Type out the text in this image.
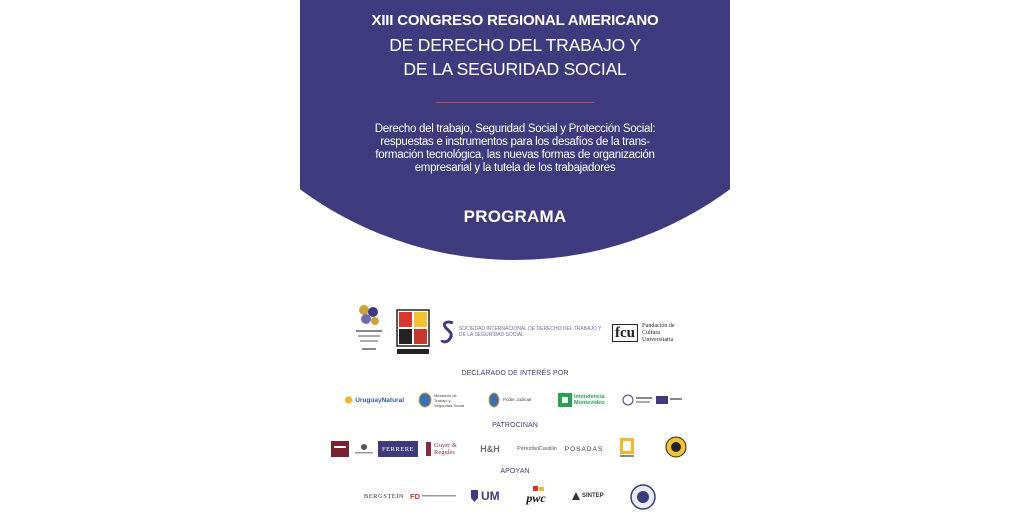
XIII CONGRESO REGIONAL AMERICANO
DE DERECHO DEL TRABAJO Y
DE LA SEGURIDAD SOCIAL
Derecho del trabajo, Seguridad Social y Protección Social:
respuestas e instrumentos para los desafíos de la trans-
formación tecnológica, las nuevas formas de organización
empresarial y la tutela de los trabajadores
PROGRAMA
SOCIEDAD INTERNACIONAL DE DERECHO DEL TRABAJO Y DE LA SEGURIDAD SOCIAL	fcu	Fundación de Cultura Universitaria
DECLARADO DE INTERÉS POR
UruguayNatural
Ministerio de Trabajo y Seguridad Social
Poder Judicial	Intendencia Montevideo
PATROCINAN
FERRERE	Guyer & Regules	H&H	PérezdelCastillo POSADAS
APOYAN
BERGSTEIN FD	UM pwc	SINTEP
